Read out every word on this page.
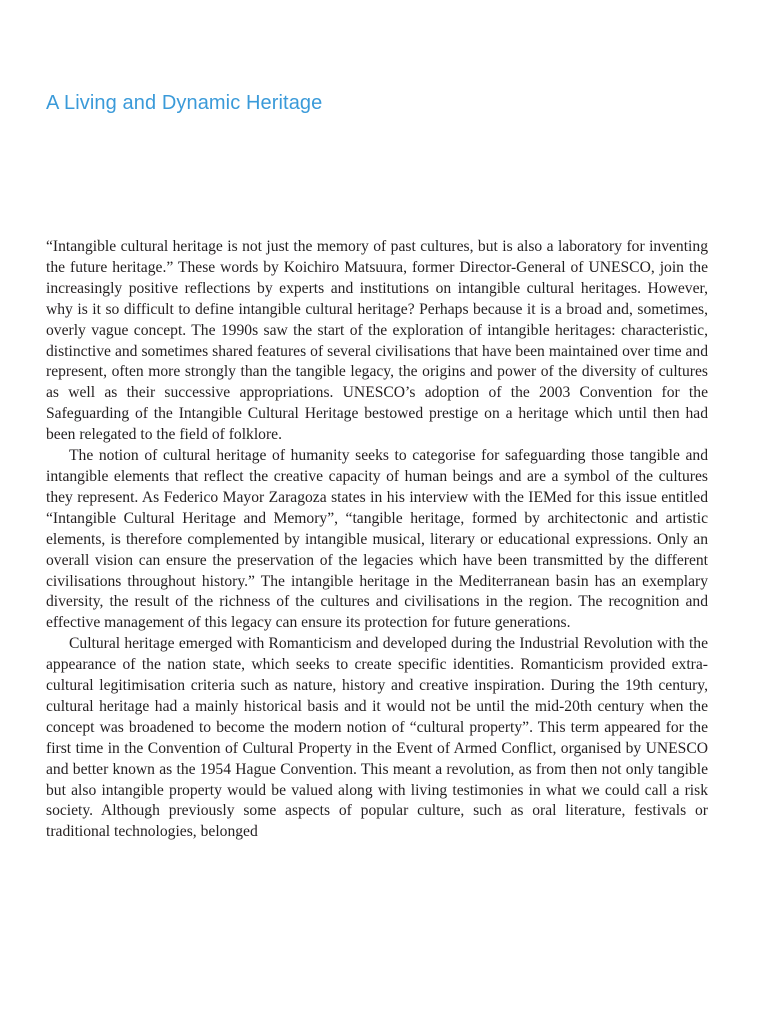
A Living and Dynamic Heritage

“Intangible cultural heritage is not just the memory of past cultures, but is also a laboratory for inventing the future heritage.” These words by Koichiro Matsuura, former Director-General of UNESCO, join the increasingly positive reflections by experts and institutions on intangible cultural heritages. However, why is it so difficult to define intangible cultural heritage? Perhaps because it is a broad and, sometimes, overly vague concept. The 1990s saw the start of the exploration of intangible heritages: characteristic, distinctive and sometimes shared features of several civilisations that have been maintained over time and represent, often more strongly than the tangible legacy, the origins and power of the diversity of cultures as well as their successive appropriations. UNESCO’s adoption of the 2003 Convention for the Safeguarding of the Intangible Cultural Heritage bestowed prestige on a heritage which until then had been relegated to the field of folklore.

The notion of cultural heritage of humanity seeks to categorise for safeguarding those tangible and intangible elements that reflect the creative capacity of human beings and are a symbol of the cultures they represent. As Federico Mayor Zaragoza states in his interview with the IEMed for this issue entitled “Intangible Cultural Heritage and Memory”, “tangible heritage, formed by architectonic and artistic elements, is therefore complemented by intangible musical, literary or educational expressions. Only an overall vision can ensure the preservation of the legacies which have been transmitted by the different civilisations throughout history.” The intangible heritage in the Mediterranean basin has an exemplary diversity, the result of the richness of the cultures and civilisations in the region. The recognition and effective management of this legacy can ensure its protection for future generations.

Cultural heritage emerged with Romanticism and developed during the Industrial Revolution with the appearance of the nation state, which seeks to create specific identities. Romanticism provided extra-cultural legitimisation criteria such as nature, history and creative inspiration. During the 19th century, cultural heritage had a mainly historical basis and it would not be until the mid-20th century when the concept was broadened to become the modern notion of “cultural property”. This term appeared for the first time in the Convention of Cultural Property in the Event of Armed Conflict, organised by UNESCO and better known as the 1954 Hague Convention. This meant a revolution, as from then not only tangible but also intangible property would be valued along with living testimonies in what we could call a risk society. Although previously some aspects of popular culture, such as oral literature, festivals or traditional technologies, belonged
